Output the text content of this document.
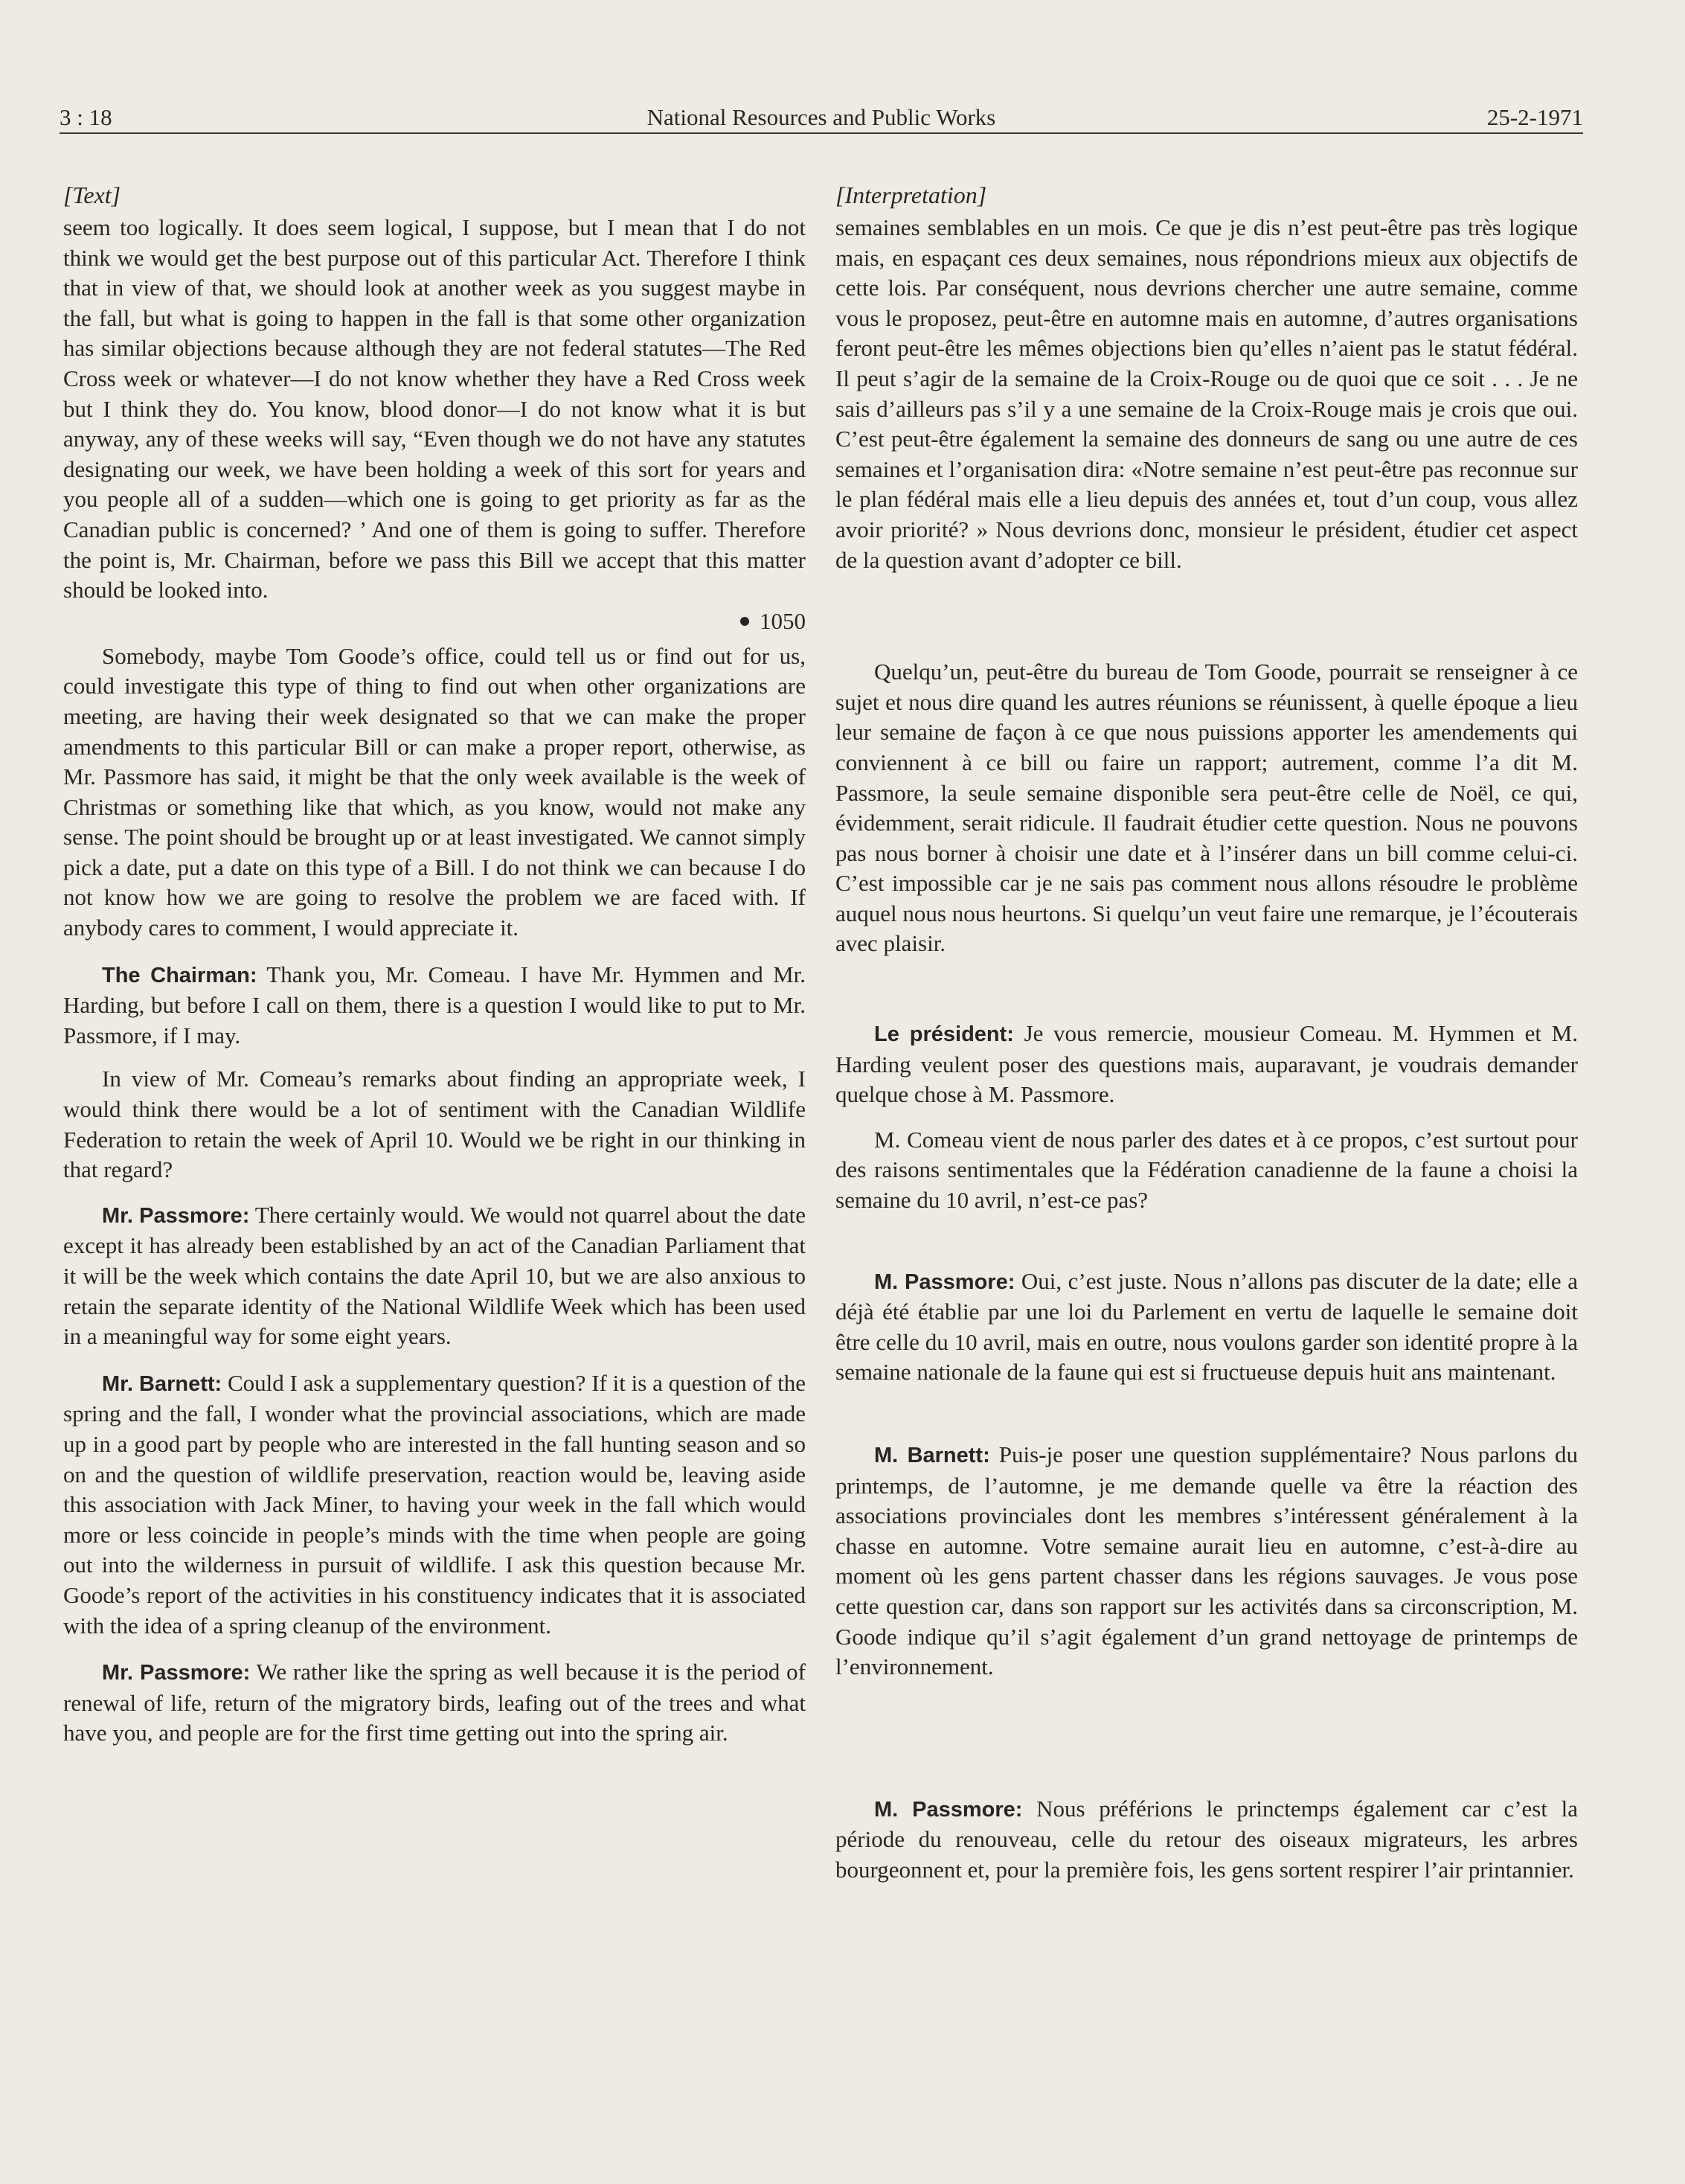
3 : 18	National Resources and Public Works	25-2-1971
[Text]

seem too logically. It does seem logical, I suppose, but I mean that I do not think we would get the best purpose out of this particular Act. Therefore I think that in view of that, we should look at another week as you suggest maybe in the fall, but what is going to happen in the fall is that some other organization has similar objections because although they are not federal statutes—The Red Cross week or whatever—I do not know whether they have a Red Cross week but I think they do. You know, blood donor—I do not know what it is but anyway, any of these weeks will say, “Even though we do not have any statutes designating our week, we have been holding a week of this sort for years and you people all of a sudden—which one is going to get priority as far as the Canadian public is concerned? ’ And one of them is going to suffer. Therefore the point is, Mr. Chairman, before we pass this Bill we accept that this matter should be looked into.

1050

Somebody, maybe Tom Goode’s office, could tell us or find out for us, could investigate this type of thing to find out when other organizations are meeting, are having their week designated so that we can make the proper amendments to this particular Bill or can make a proper report, otherwise, as Mr. Passmore has said, it might be that the only week available is the week of Christmas or something like that which, as you know, would not make any sense. The point should be brought up or at least investigated. We cannot simply pick a date, put a date on this type of a Bill. I do not think we can because I do not know how we are going to resolve the problem we are faced with. If anybody cares to comment, I would appreciate it.

The Chairman: Thank you, Mr. Comeau. I have Mr. Hymmen and Mr. Harding, but before I call on them, there is a question I would like to put to Mr. Passmore, if I may.

In view of Mr. Comeau’s remarks about finding an appropriate week, I would think there would be a lot of sentiment with the Canadian Wildlife Federation to retain the week of April 10. Would we be right in our thinking in that regard?

Mr. Passmore: There certainly would. We would not quarrel about the date except it has already been established by an act of the Canadian Parliament that it will be the week which contains the date April 10, but we are also anxious to retain the separate identity of the National Wildlife Week which has been used in a meaningful way for some eight years.

Mr. Barnett: Could I ask a supplementary question? If it is a question of the spring and the fall, I wonder what the provincial associations, which are made up in a good part by people who are interested in the fall hunting season and so on and the question of wildlife preservation, reaction would be, leaving aside this association with Jack Miner, to having your week in the fall which would more or less coincide in people’s minds with the time when people are going out into the wilderness in pursuit of wildlife. I ask this question because Mr. Goode’s report of the activities in his constituency indicates that it is associated with the idea of a spring cleanup of the environment.

Mr. Passmore: We rather like the spring as well because it is the period of renewal of life, return of the migratory birds, leafing out of the trees and what have you, and people are for the first time getting out into the spring air.

[Interpretation]

semaines semblables en un mois. Ce que je dis n’est peut-être pas très logique mais, en espaçant ces deux semaines, nous répondrions mieux aux objectifs de cette lois. Par conséquent, nous devrions chercher une autre semaine, comme vous le proposez, peut-être en automne mais en automne, d’autres organisations feront peut-être les mêmes objections bien qu’elles n’aient pas le statut fédéral. Il peut s’agir de la semaine de la Croix-Rouge ou de quoi que ce soit . . . Je ne sais d’ailleurs pas s’il y a une semaine de la Croix-Rouge mais je crois que oui. C’est peut-être également la semaine des donneurs de sang ou une autre de ces semaines et l’organisation dira: «Notre semaine n’est peut-être pas reconnue sur le plan fédéral mais elle a lieu depuis des années et, tout d’un coup, vous allez avoir priorité? » Nous devrions donc, monsieur le président, étudier cet aspect de la question avant d’adopter ce bill.

Quelqu’un, peut-être du bureau de Tom Goode, pourrait se renseigner à ce sujet et nous dire quand les autres réunions se réunissent, à quelle époque a lieu leur semaine de façon à ce que nous puissions apporter les amendements qui conviennent à ce bill ou faire un rapport; autrement, comme l’a dit M. Passmore, la seule semaine disponible sera peut-être celle de Noël, ce qui, évidemment, serait ridicule. Il faudrait étudier cette question. Nous ne pouvons pas nous borner à choisir une date et à l’insérer dans un bill comme celui-ci. C’est impossible car je ne sais pas comment nous allons résoudre le problème auquel nous nous heurtons. Si quelqu’un veut faire une remarque, je l’écouterais avec plaisir.

Le président: Je vous remercie, mousieur Comeau. M. Hymmen et M. Harding veulent poser des questions mais, auparavant, je voudrais demander quelque chose à M. Passmore.

M. Comeau vient de nous parler des dates et à ce propos, c’est surtout pour des raisons sentimentales que la Fédération canadienne de la faune a choisi la semaine du 10 avril, n’est-ce pas?

M. Passmore: Oui, c’est juste. Nous n’allons pas discuter de la date; elle a déjà été établie par une loi du Parlement en vertu de laquelle le semaine doit être celle du 10 avril, mais en outre, nous voulons garder son identité propre à la semaine nationale de la faune qui est si fructueuse depuis huit ans maintenant.

M. Barnett: Puis-je poser une question supplémentaire? Nous parlons du printemps, de l’automne, je me demande quelle va être la réaction des associations provinciales dont les membres s’intéressent généralement à la chasse en automne. Votre semaine aurait lieu en automne, c’est-à-dire au moment où les gens partent chasser dans les régions sauvages. Je vous pose cette question car, dans son rapport sur les activités dans sa circonscription, M. Goode indique qu’il s’agit également d’un grand nettoyage de printemps de l’environnement.

M. Passmore: Nous préférions le princtemps également car c’est la période du renouveau, celle du retour des oiseaux migrateurs, les arbres bourgeonnent et, pour la première fois, les gens sortent respirer l’air printannier.
